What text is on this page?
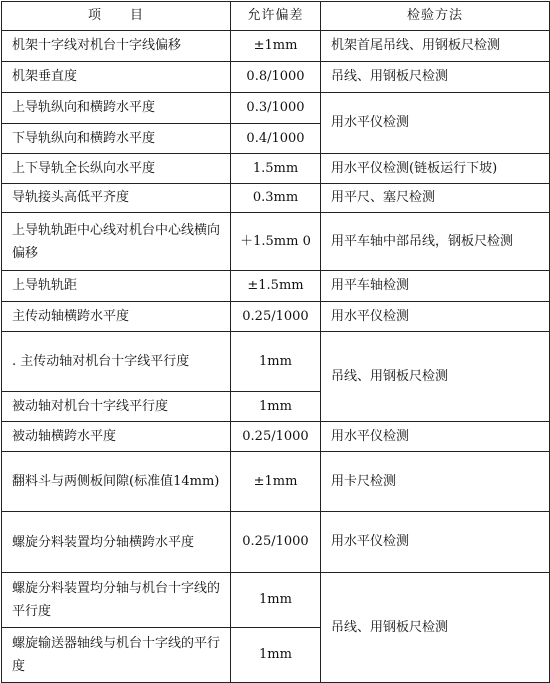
项　　目	允许偏差	检验方法
机架十字线对机台十字线偏移	±1mm	机架首尾吊线、用钢板尺检测
机架垂直度	0.8/1000	吊线、用钢板尺检测
上导轨纵向和横跨水平度	0.3/1000	用水平仪检测
下导轨纵向和横跨水平度	0.4/1000	
上下导轨全长纵向水平度	1.5mm	用水平仪检测(链板运行下坡)
导轨接头高低平齐度	0.3mm	用平尺、塞尺检测
上导轨轨距中心线对机台中心线横向偏移	＋1.5mm 0	用平车轴中部吊线，钢板尺检测
上导轨轨距	±1.5mm	用平车轴检测
主传动轴横跨水平度	0.25/1000	用水平仪检测
. 主传动轴对机台十字线平行度	1mm	吊线、用钢板尺检测
被动轴对机台十字线平行度	1mm	
被动轴横跨水平度	0.25/1000	用水平仪检测
翻料斗与两侧板间隙(标准值14mm)	±1mm	用卡尺检测
螺旋分料装置均分轴横跨水平度	0.25/1000	用水平仪检测
螺旋分料装置均分轴与机台十字线的平行度	1mm	吊线、用钢板尺检测
螺旋输送器轴线与机台十字线的平行度	1mm	
